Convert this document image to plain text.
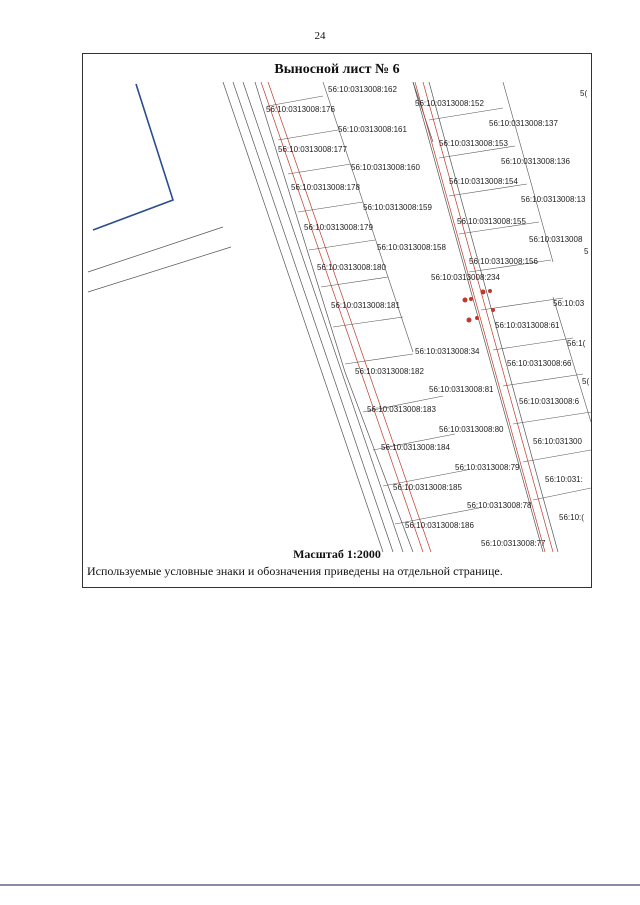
24
Выносной лист № 6
56:10:0313008:162
56:10:0313008:176
56:10:0313008:161
56:10:0313008:177
56:10:0313008:160
56:10:0313008:178
56:10:0313008:159
56:10:0313008:179
56:10:0313008:158
56:10:0313008:180
56:10:0313008:181
56:10:0313008:152
56:10:0313008:137
56:10:0313008:153
56:10:0313008:136
56:10:0313008:154
56:10:0313008:13
56:10:0313008:155
56:10:0313008
56:10:0313008:156
56:10:0313008:234
56:10:03
56:10:0313008:61
56:1(
56:10:0313008:34
56:10:0313008:66
56:10:0313008:182
56:10:0313008:81
56:10:0313008:6
56:10:0313008:183
56:10:0313008:80
56:10:031300
56:10:0313008:184
56:10:0313008:79
56:10:031:
56:10:0313008:185
56:10:0313008:78
56:10:(
56:10:0313008:186
56:10:0313008:77
5(
5
5(
Масштаб 1:2000
Используемые условные знаки и обозначения приведены на отдельной странице.
